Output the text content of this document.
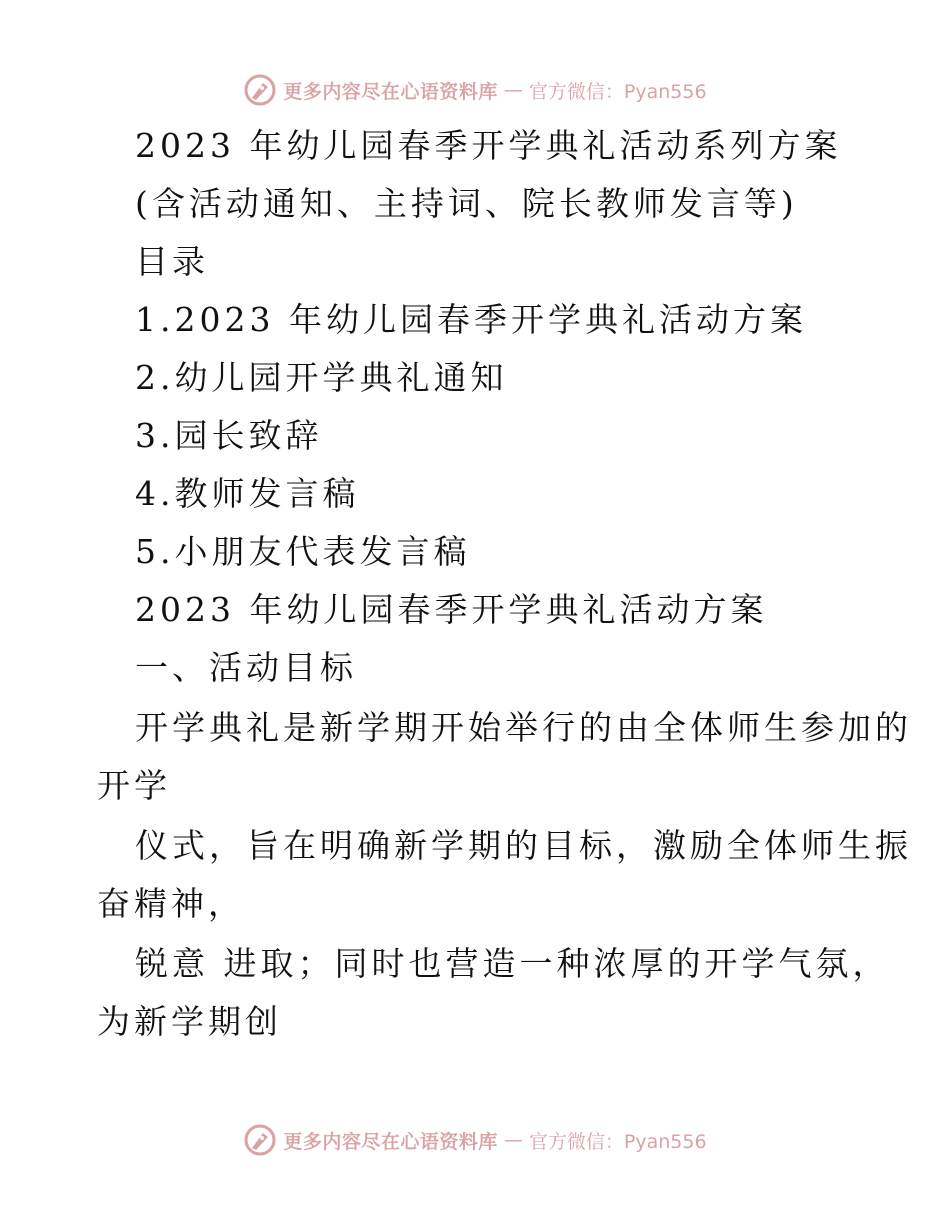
更多内容尽在心语资料库 — 官方微信：Pyan556
2023 年幼儿园春季开学典礼活动系列方案
(含活动通知、主持词、院长教师发言等)
目录
1.2023 年幼儿园春季开学典礼活动方案
2.幼儿园开学典礼通知
3.园长致辞
4.教师发言稿
5.小朋友代表发言稿
2023 年幼儿园春季开学典礼活动方案
一、活动目标
开学典礼是新学期开始举行的由全体师生参加的
开学
仪式，旨在明确新学期的目标，激励全体师生振
奋精神，
锐意 进取；同时也营造一种浓厚的开学气氛，
为新学期创
更多内容尽在心语资料库 — 官方微信：Pyan556
